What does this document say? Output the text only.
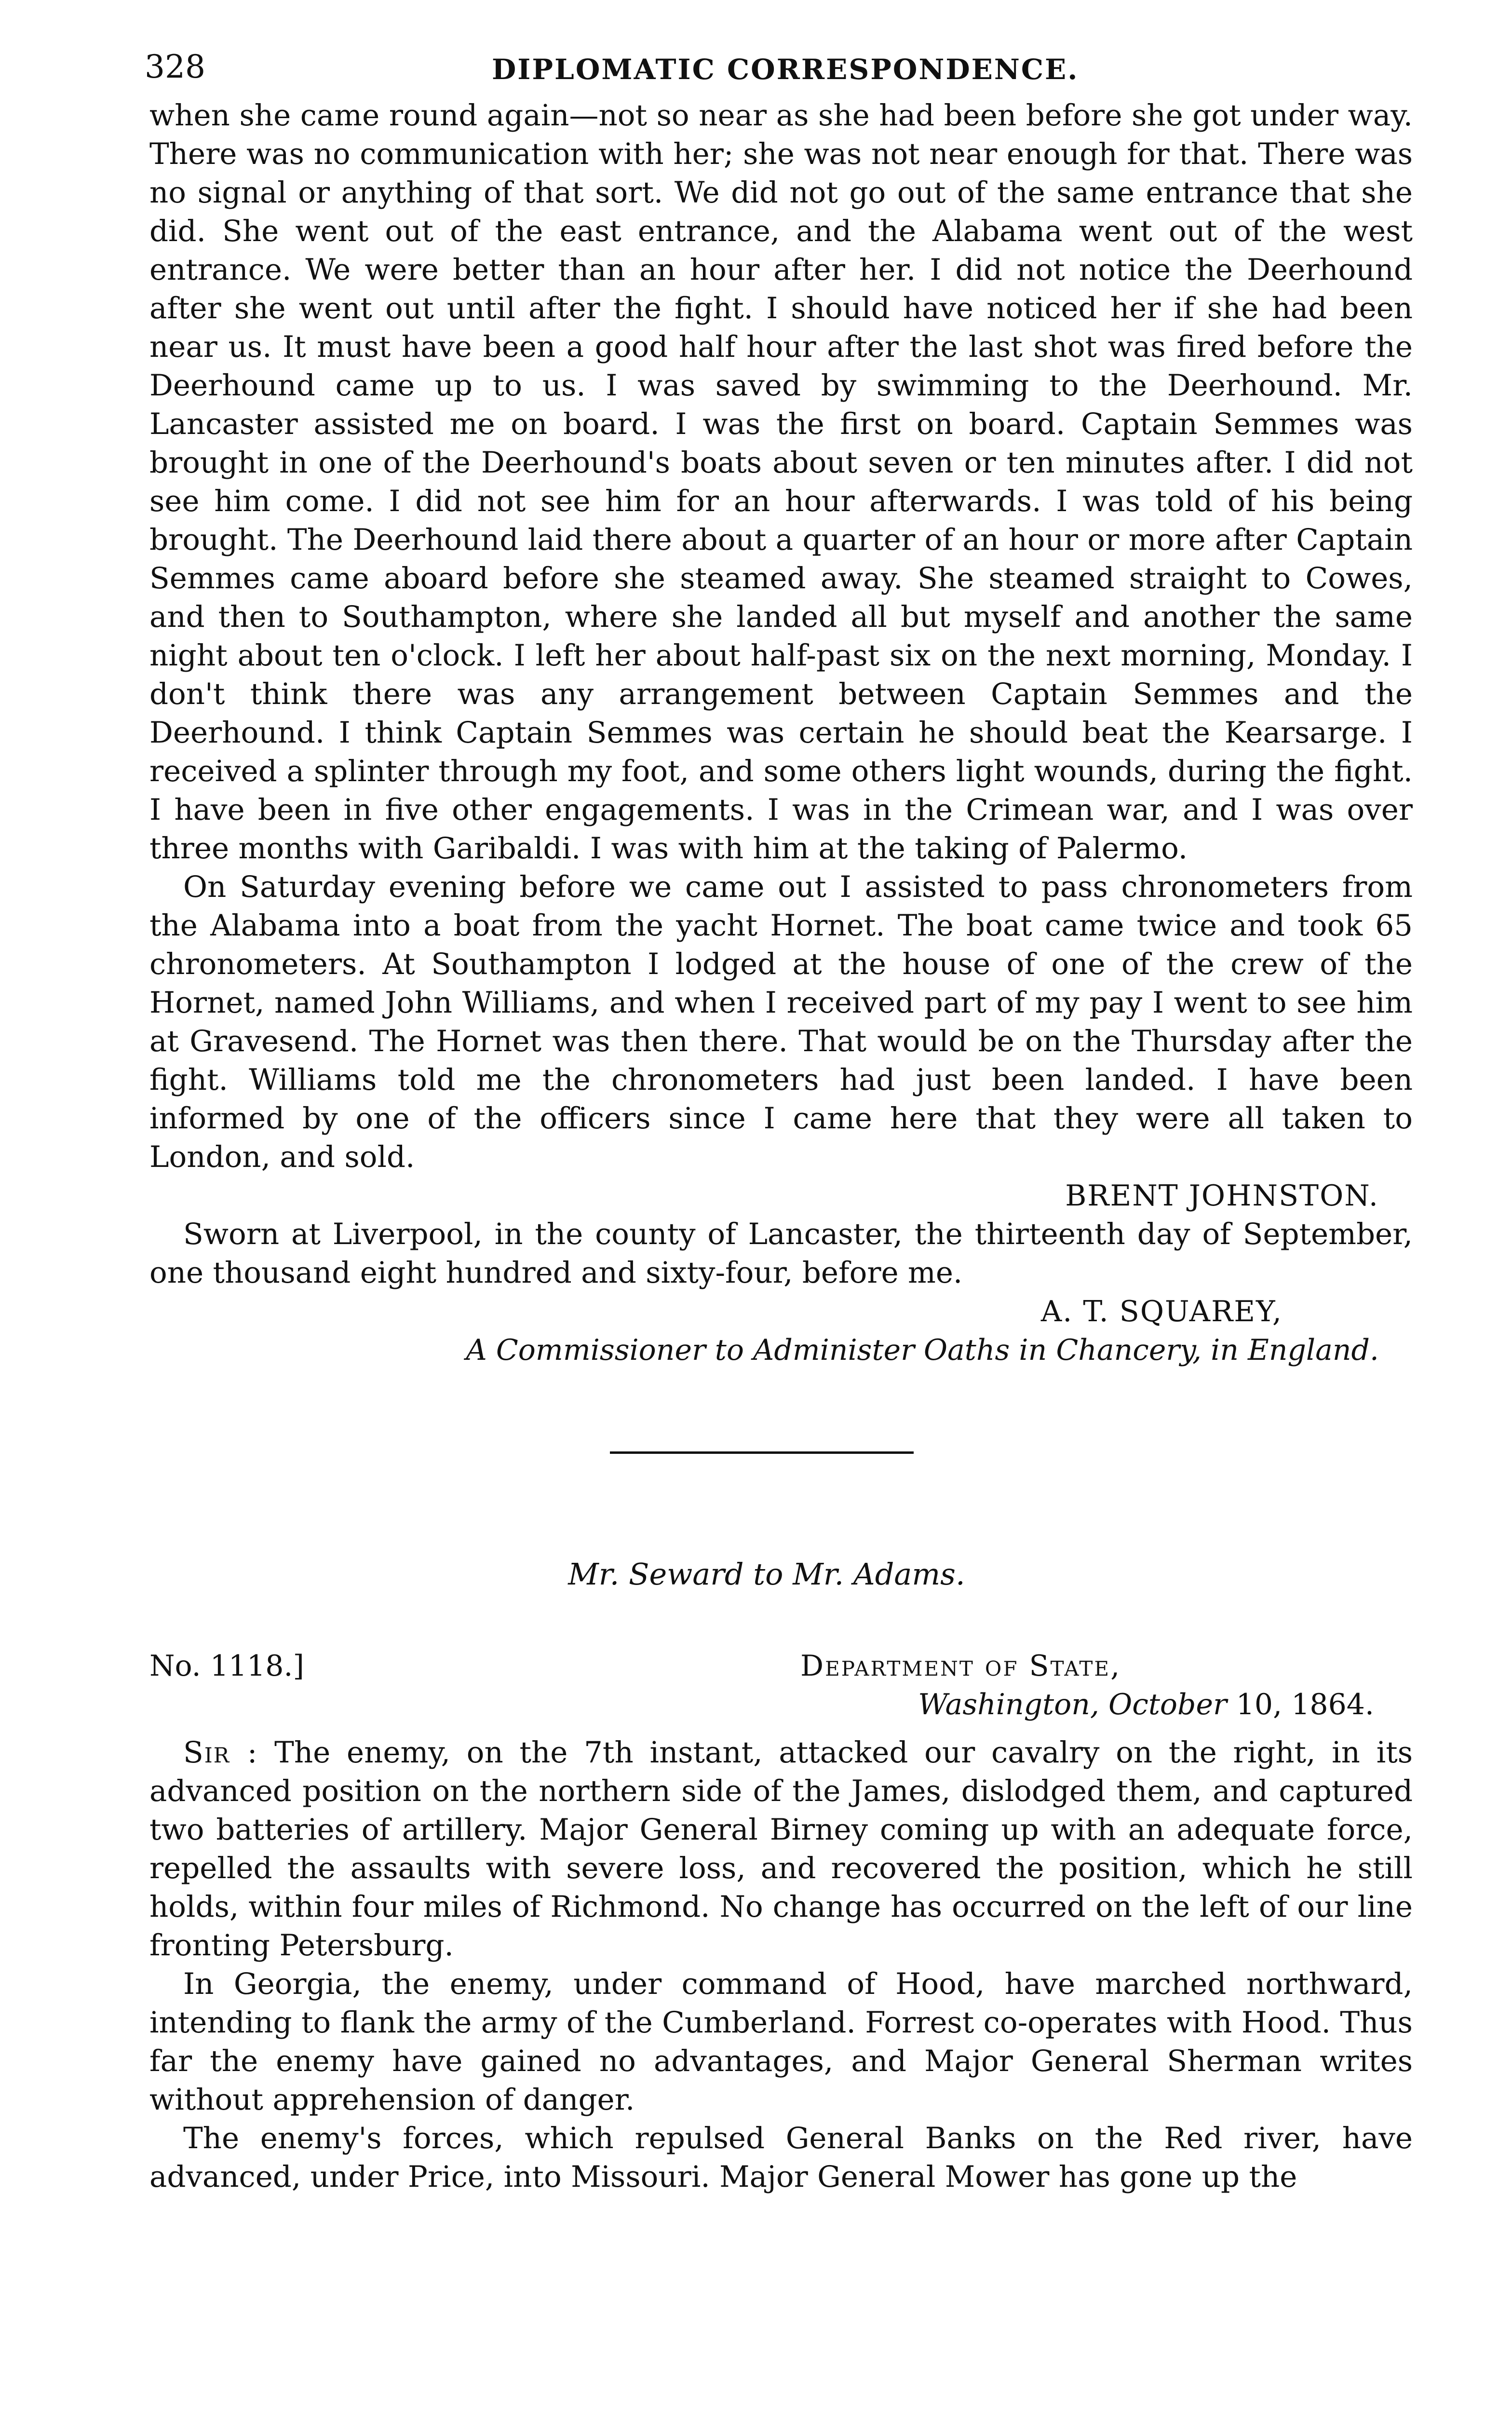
328	DIPLOMATIC CORRESPONDENCE.

when she came round again—not so near as she had been before she got under way. There was no communication with her; she was not near enough for that. There was no signal or anything of that sort. We did not go out of the same entrance that she did. She went out of the east entrance, and the Alabama went out of the west entrance. We were better than an hour after her. I did not notice the Deerhound after she went out until after the fight. I should have noticed her if she had been near us. It must have been a good half hour after the last shot was fired before the Deerhound came up to us. I was saved by swimming to the Deerhound. Mr. Lancaster assisted me on board. I was the first on board. Captain Semmes was brought in one of the Deerhound's boats about seven or ten minutes after. I did not see him come. I did not see him for an hour afterwards. I was told of his being brought. The Deerhound laid there about a quarter of an hour or more after Captain Semmes came aboard before she steamed away. She steamed straight to Cowes, and then to Southampton, where she landed all but myself and another the same night about ten o'clock. I left her about half-past six on the next morning, Monday. I don't think there was any arrangement between Captain Semmes and the Deerhound. I think Captain Semmes was certain he should beat the Kearsarge. I received a splinter through my foot, and some others light wounds, during the fight. I have been in five other engagements. I was in the Crimean war, and I was over three months with Garibaldi. I was with him at the taking of Palermo.

On Saturday evening before we came out I assisted to pass chronometers from the Alabama into a boat from the yacht Hornet. The boat came twice and took 65 chronometers. At Southampton I lodged at the house of one of the crew of the Hornet, named John Williams, and when I received part of my pay I went to see him at Gravesend. The Hornet was then there. That would be on the Thursday after the fight. Williams told me the chronometers had just been landed. I have been informed by one of the officers since I came here that they were all taken to London, and sold.

BRENT JOHNSTON.

Sworn at Liverpool, in the county of Lancaster, the thirteenth day of September, one thousand eight hundred and sixty-four, before me.

A. T. SQUAREY,

A Commissioner to Administer Oaths in Chancery, in England.

Mr. Seward to Mr. Adams.

No. 1118.]	Department of State,
Washington, October 10, 1864.

Sir : The enemy, on the 7th instant, attacked our cavalry on the right, in its advanced position on the northern side of the James, dislodged them, and captured two batteries of artillery. Major General Birney coming up with an adequate force, repelled the assaults with severe loss, and recovered the position, which he still holds, within four miles of Richmond. No change has occurred on the left of our line fronting Petersburg.

In Georgia, the enemy, under command of Hood, have marched northward, intending to flank the army of the Cumberland. Forrest co-operates with Hood. Thus far the enemy have gained no advantages, and Major General Sherman writes without apprehension of danger.

The enemy's forces, which repulsed General Banks on the Red river, have advanced, under Price, into Missouri. Major General Mower has gone up the
